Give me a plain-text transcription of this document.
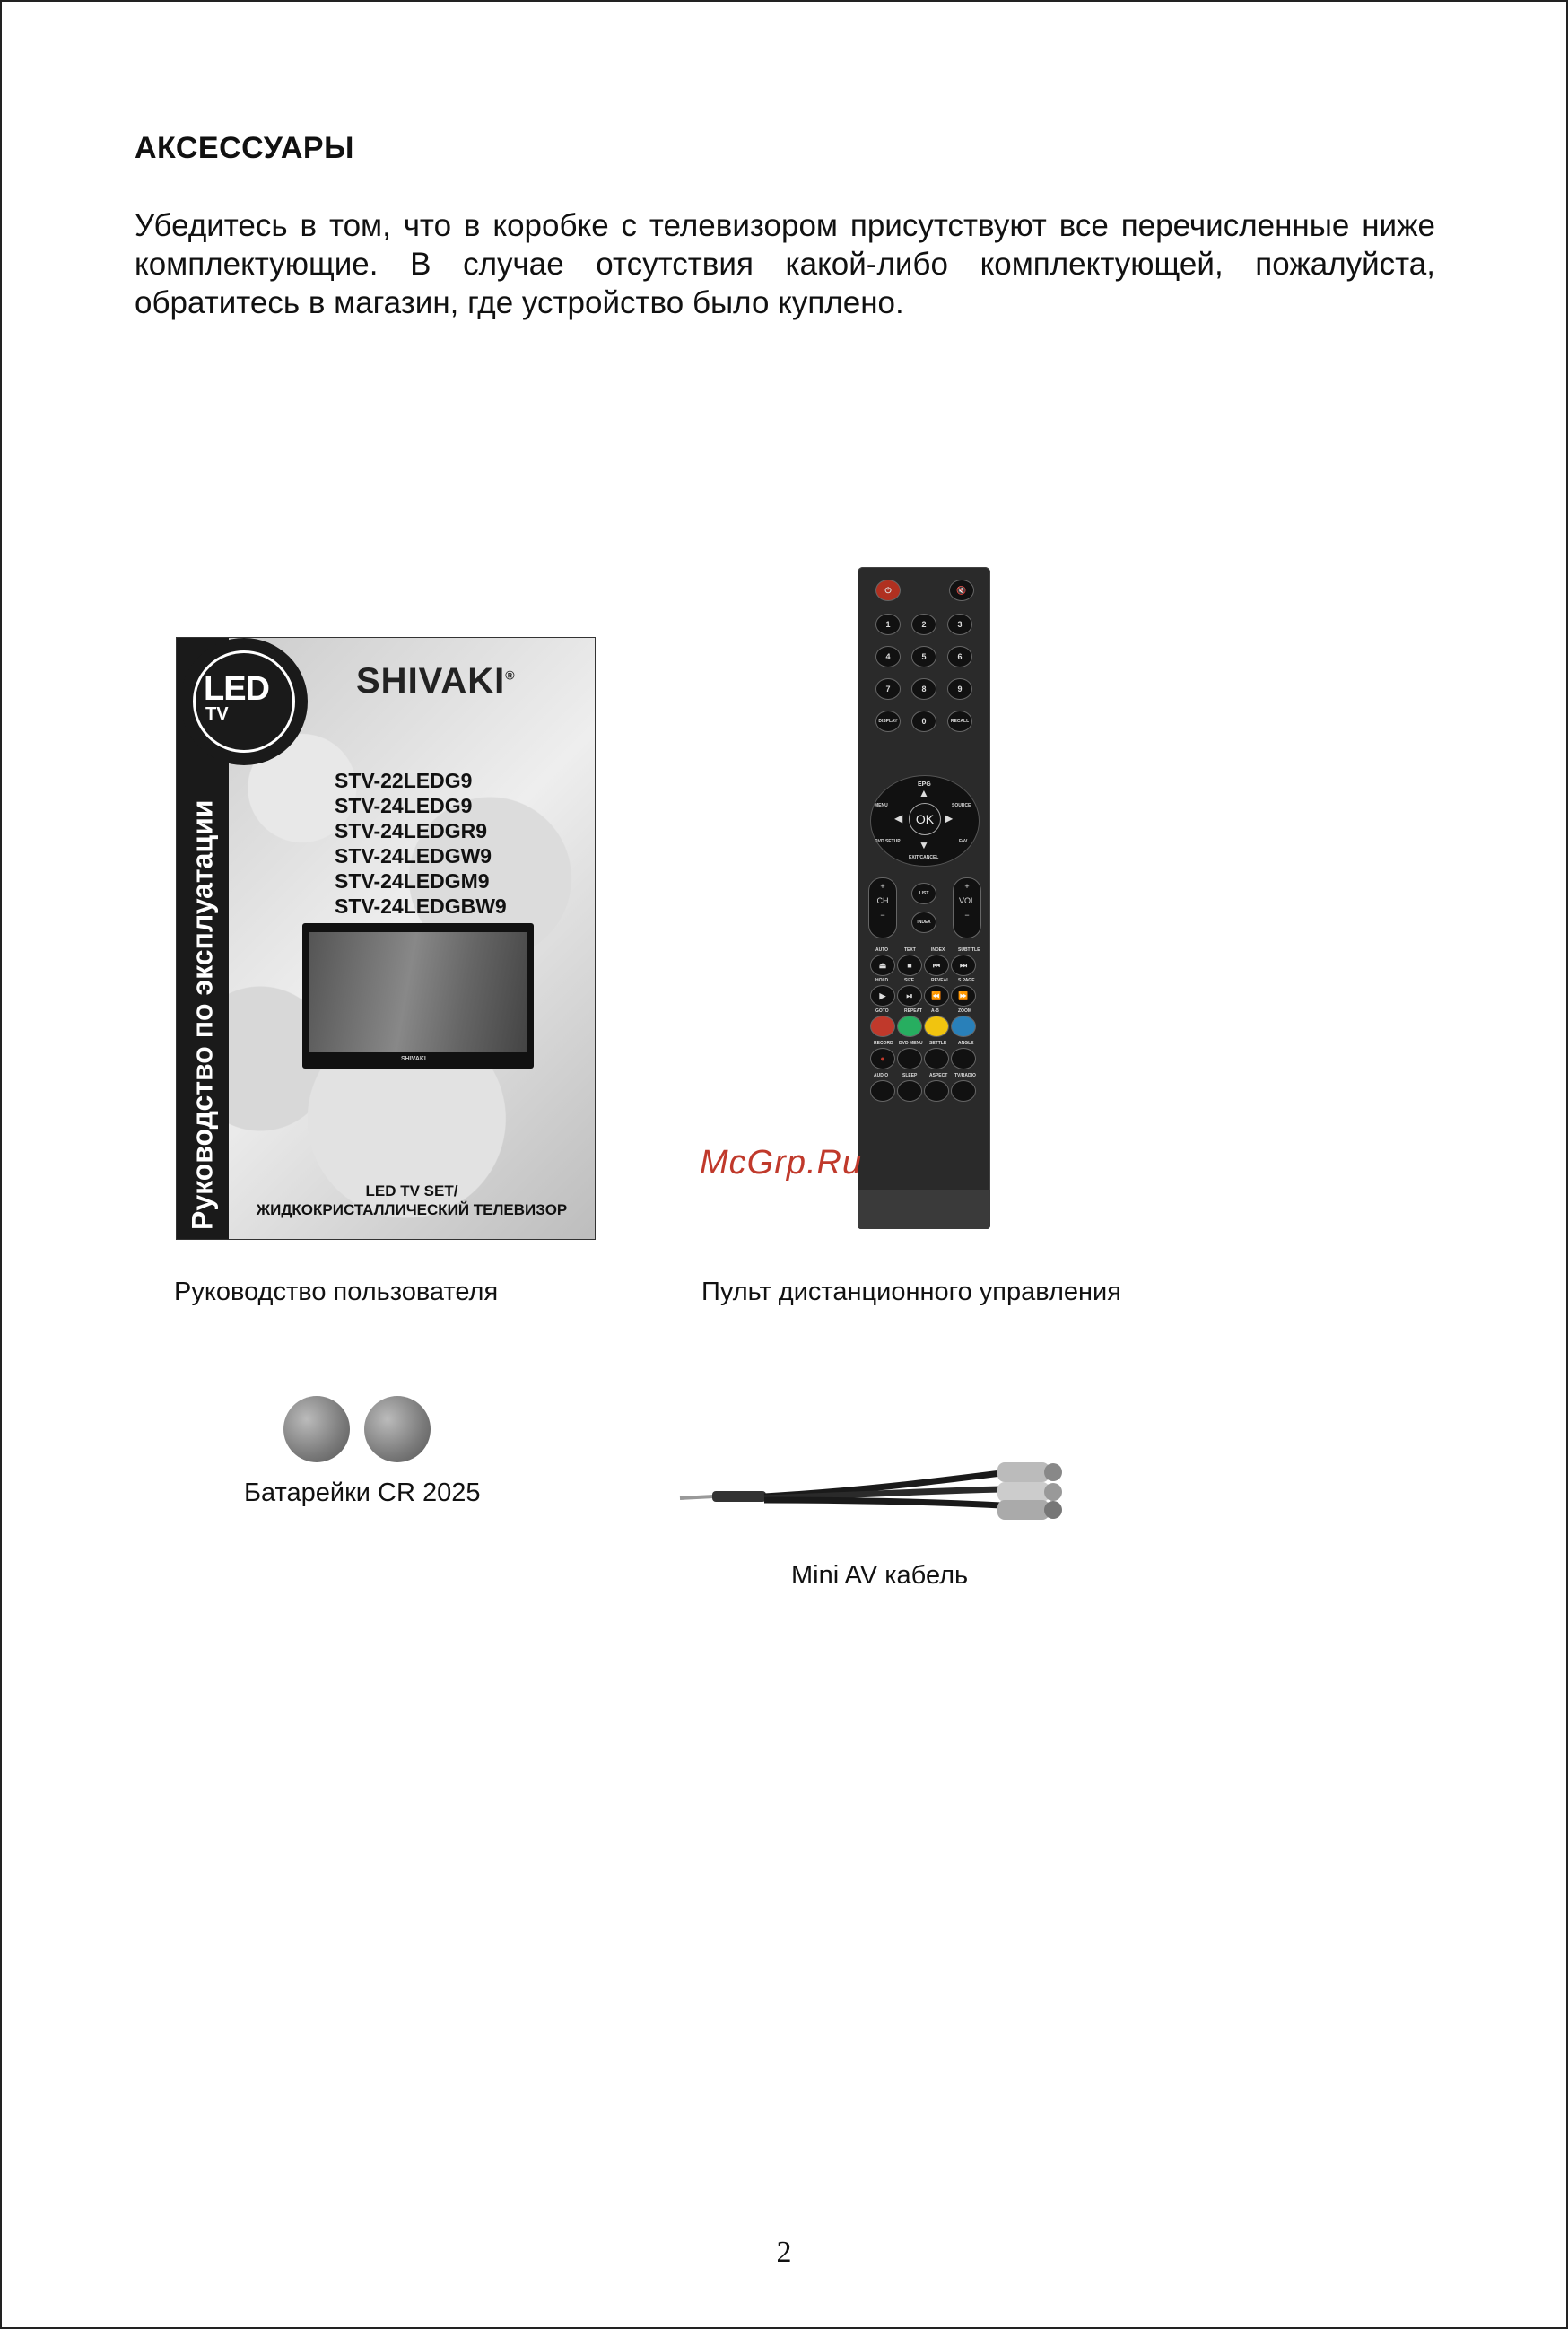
АКСЕССУАРЫ
Убедитесь в том, что в коробке с телевизором присутствуют все перечисленные ниже комплектующие. В случае отсутствия какой-либо комплектующей, пожалуйста, обратитесь в магазин, где устройство было куплено.
Руководство по эксплуатации
LED
TV
SHIVAKI®
STV-22LEDG9
STV-24LEDG9
STV-24LEDGR9
STV-24LEDGW9
STV-24LEDGM9
STV-24LEDGBW9
SHIVAKI
LED TV SET/
ЖИДКОКРИСТАЛЛИЧЕСКИЙ ТЕЛЕВИЗОР
Руководство пользователя
⏻	🔇
1	2	3
4	5	6
7	8	9
DISPLAY	0	RECALL
EPG
MENU	SOURCE
DVD SETUP
EXIT/CANCEL
FAV
▲
▼
◀	▶
OK
+
CH
−
LIST
INDEX
+
VOL
−
AUTO	TEXT	INDEX	SUBTITLE
⏏	■	⏮	⏭
HOLD	SIZE	REVEAL S.PAGE
▶	⏯	⏪	⏩
GOTO	REPEAT A-B	ZOOM
RECORD DVD MENU SETTLE	ANGLE
●
AUDIO	SLEEP	ASPECT TV/RADIO
Пульт дистанционного управления
McGrp.Ru
Батарейки CR 2025
Mini AV кабель
2
